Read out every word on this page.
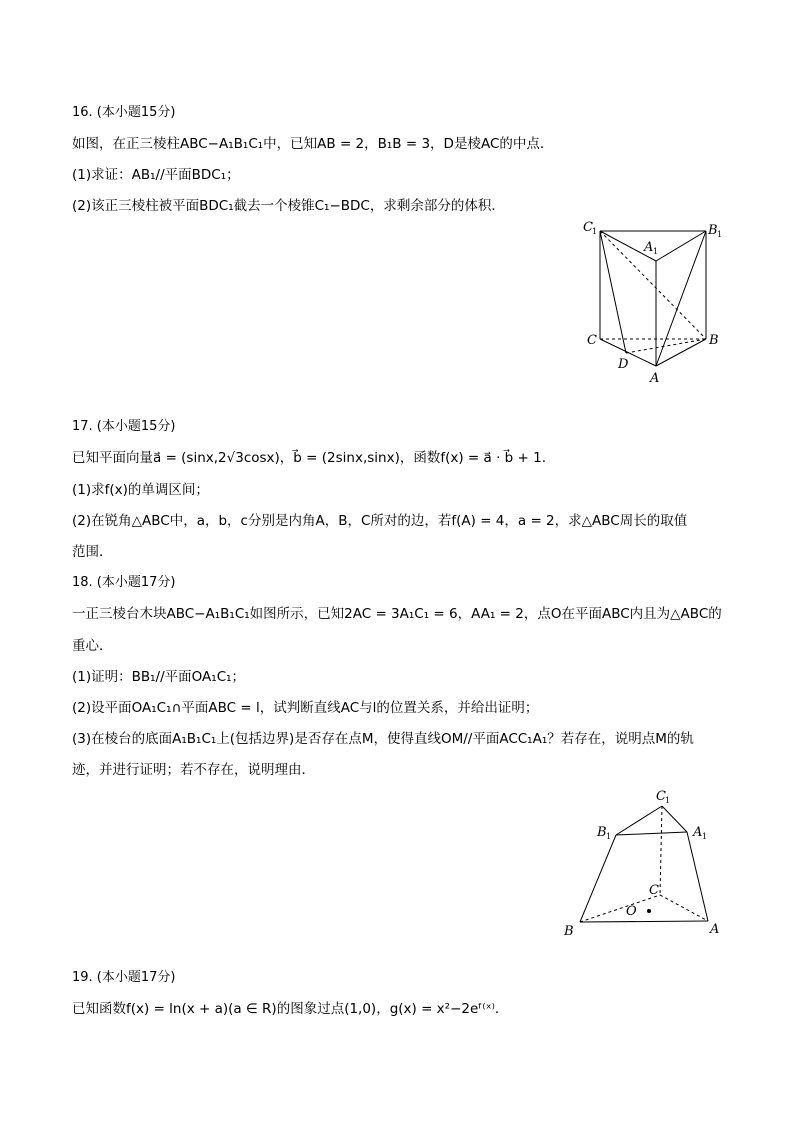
16. (本小题15分)
如图，在正三棱柱ABC−A₁B₁C₁中，已知AB = 2，B₁B = 3，D是棱AC的中点．
(1)求证：AB₁//平面BDC₁；
(2)该正三棱柱被平面BDC₁截去一个棱锥C₁−BDC，求剩余部分的体积．
C 1
A 1
B 1
C	B
D
A
17. (本小题15分)
已知平面向量a⃗ = (sinx,2√3cosx)，b⃗ = (2sinx,sinx)，函数f(x) = a⃗ · b⃗ + 1.
(1)求f(x)的单调区间；
(2)在锐角△ABC中，a，b，c分别是内角A，B，C所对的边，若f(A) = 4，a = 2，求△ABC周长的取值
范围．
18. (本小题17分)
一正三棱台木块ABC−A₁B₁C₁如图所示，已知2AC = 3A₁C₁ = 6，AA₁ = 2，点O在平面ABC内且为△ABC的
重心．
(1)证明：BB₁//平面OA₁C₁；
(2)设平面OA₁C₁∩平面ABC = l，试判断直线AC与l的位置关系，并给出证明；
(3)在棱台的底面A₁B₁C₁上(包括边界)是否存在点M，使得直线OM//平面ACC₁A₁？若存在，说明点M的轨
迹，并进行证明；若不存在，说明理由．
C 1
B 1	A 1
C
O
B	A
19. (本小题17分)
已知函数f(x) = ln(x + a)(a ∈ R)的图象过点(1,0)，g(x) = x²−2eᶠ⁽ˣ⁾．
